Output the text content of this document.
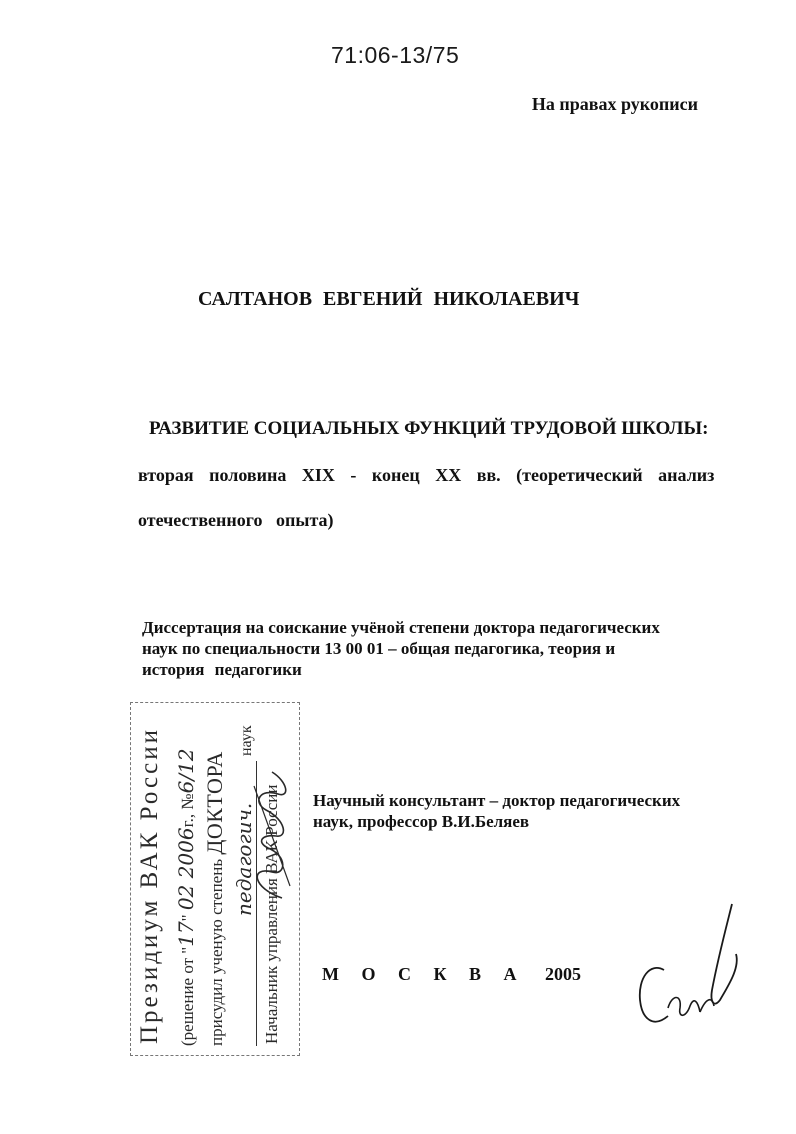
71:06-13/75
На правах рукописи
САЛТАНОВ ЕВГЕНИЙ НИКОЛАЕВИЧ
РАЗВИТИЕ СОЦИАЛЬНЫХ ФУНКЦИЙ ТРУДОВОЙ ШКОЛЫ:
вторая половина XIX - конец XX вв. (теоретический анализ
отечественного опыта)
Диссертация на соискание учёной степени доктора педагогических
наук по специальности 13 00 01 – общая педагогика, теория и
история педагогики
Научный консультант – доктор педагогических
наук, профессор В.И.Беляев
М О С К В А 2005
Президиум ВАК России (решение от "17" 02 2006г., №6/12
присудил ученую степень ДОКТОРА педагогич.
наук
Начальник управления ВАК России
